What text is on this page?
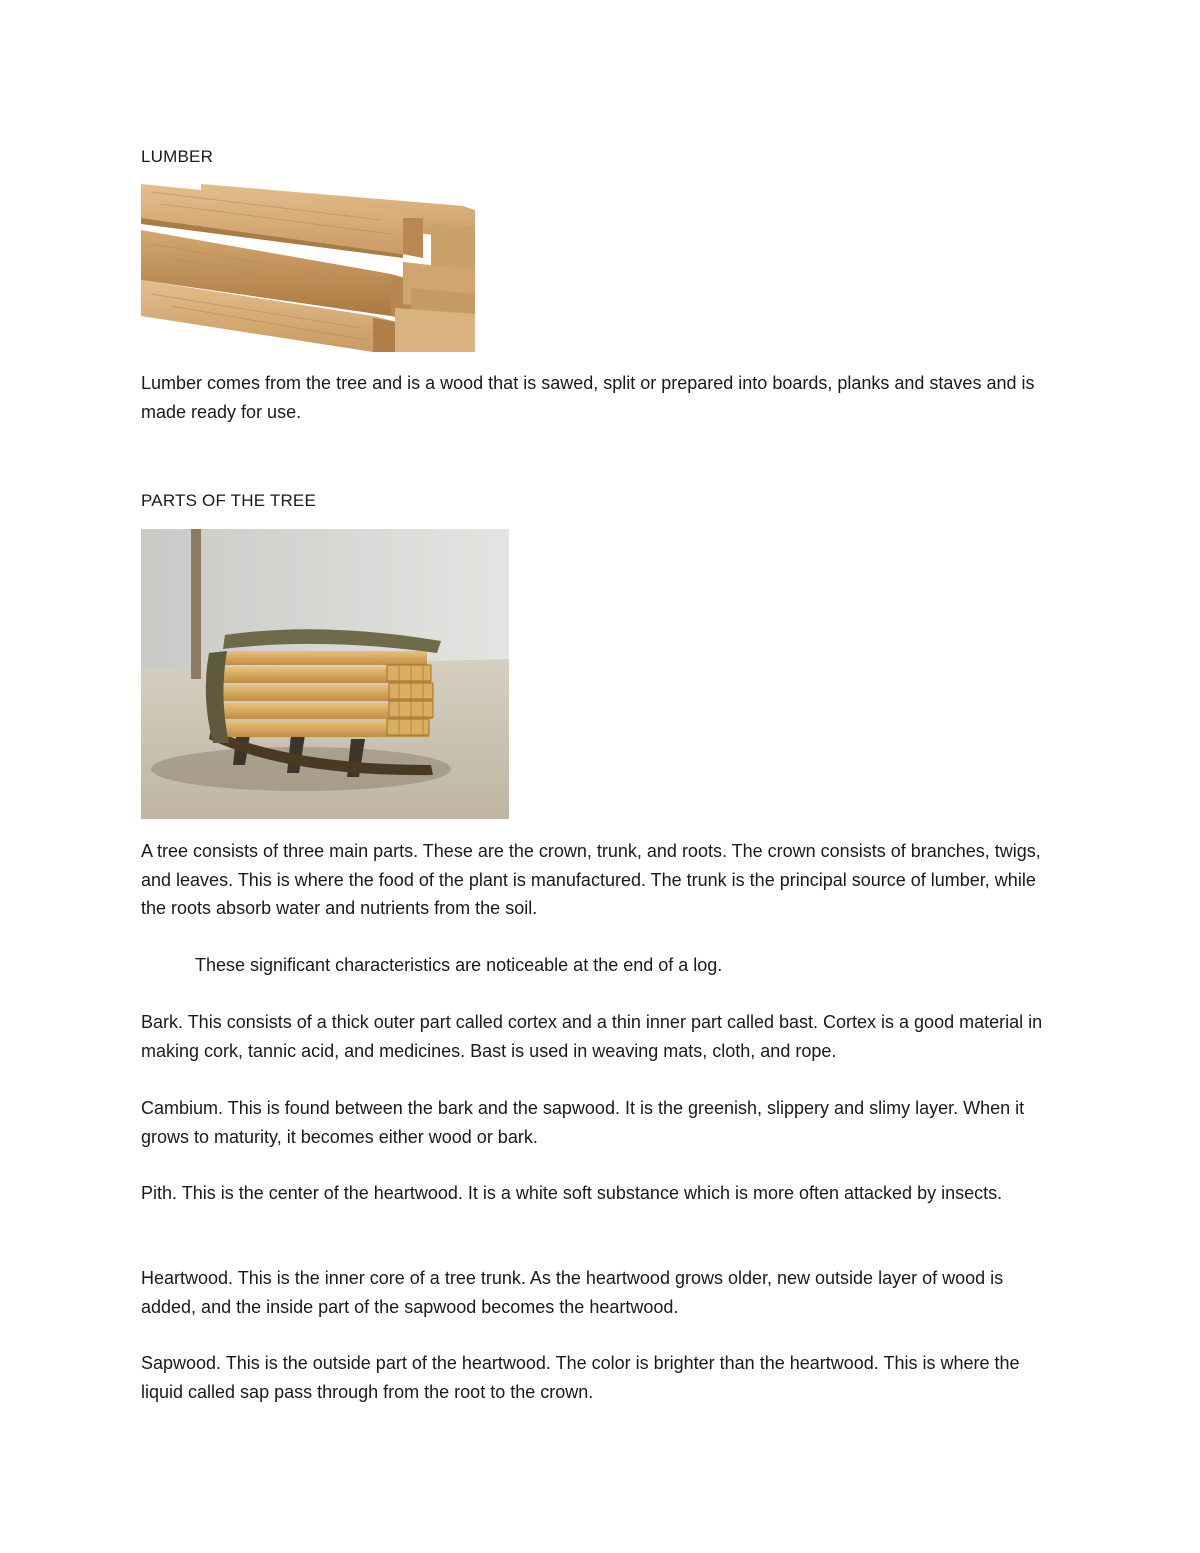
LUMBER
Lumber comes from the tree and is a wood that is sawed, split or prepared into boards, planks and staves and is made ready for use.
PARTS OF THE TREE
A tree consists of three main parts. These are the crown, trunk, and roots. The crown consists of branches, twigs, and leaves. This is where the food of the plant is manufactured. The trunk is the principal source of lumber, while the roots absorb water and nutrients from the soil.
These significant characteristics are noticeable at the end of a log.
Bark. This consists of a thick outer part called cortex and a thin inner part called bast. Cortex is a good material in making cork, tannic acid, and medicines. Bast is used in weaving mats, cloth, and rope.
Cambium. This is found between the bark and the sapwood. It is the greenish, slippery and slimy layer. When it grows to maturity, it becomes either wood or bark.
Pith. This is the center of the heartwood. It is a white soft substance which is more often attacked by insects.
Heartwood. This is the inner core of a tree trunk. As the heartwood grows older, new outside layer of wood is added, and the inside part of the sapwood becomes the heartwood.
Sapwood. This is the outside part of the heartwood. The color is brighter than the heartwood. This is where the liquid called sap pass through from the root to the crown.
